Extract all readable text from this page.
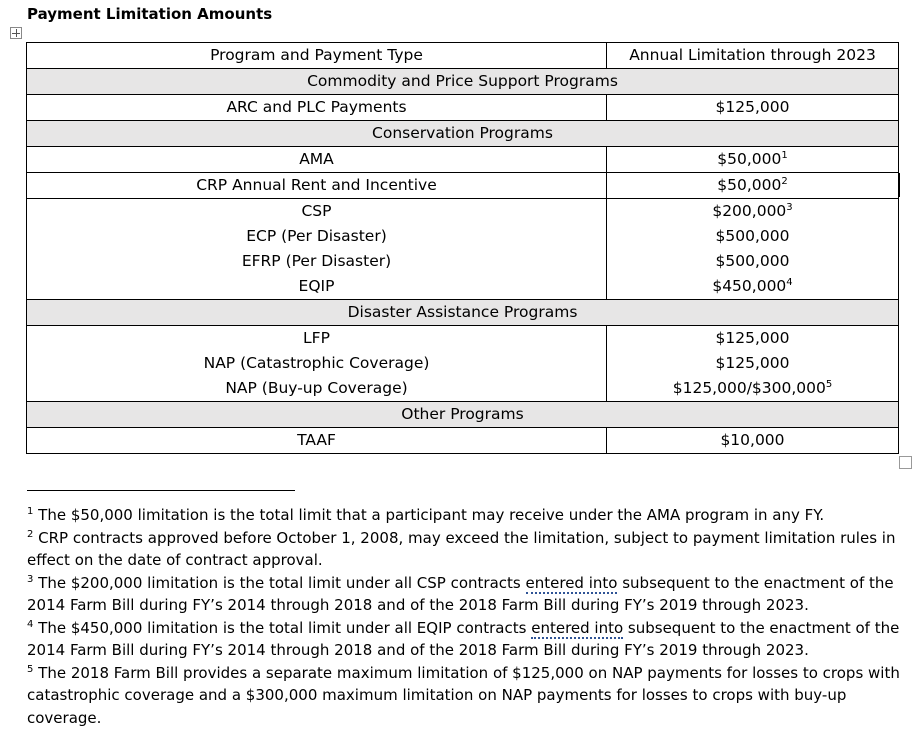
Payment Limitation Amounts
Program and Payment Type	Annual Limitation through 2023
Commodity and Price Support Programs	
ARC and PLC Payments	$125,000
Conservation Programs	
AMA	$50,000$^1$
CRP Annual Rent and Incentive	$50,000$^2$
CSP	$200,000$^3$
ECP (Per Disaster)	$500,000
EFRP (Per Disaster)	$500,000
EQIP	$450,000$^4$
Disaster Assistance Programs	
LFP	$125,000
NAP (Catastrophic Coverage)	$125,000
NAP (Buy-up Coverage)	$125,000/$300,000$^5$
Other Programs	
TAAF	$10,000

$^1$ The $50,000 limitation is the total limit that a participant may receive under the AMA program in any FY.

$^2$ CRP contracts approved before October 1, 2008, may exceed the limitation, subject to payment limitation rules in effect on the date of contract approval.

$^3$ The $200,000 limitation is the total limit under all CSP contracts entered into subsequent to the enactment of the 2014 Farm Bill during FY’s 2014 through 2018 and of the 2018 Farm Bill during FY’s 2019 through 2023.

$^4$ The $450,000 limitation is the total limit under all EQIP contracts entered into subsequent to the enactment of the 2014 Farm Bill during FY’s 2014 through 2018 and of the 2018 Farm Bill during FY’s 2019 through 2023.

$^5$ The 2018 Farm Bill provides a separate maximum limitation of $125,000 on NAP payments for losses to crops with catastrophic coverage and a $300,000 maximum limitation on NAP payments for losses to crops with buy-up coverage.
